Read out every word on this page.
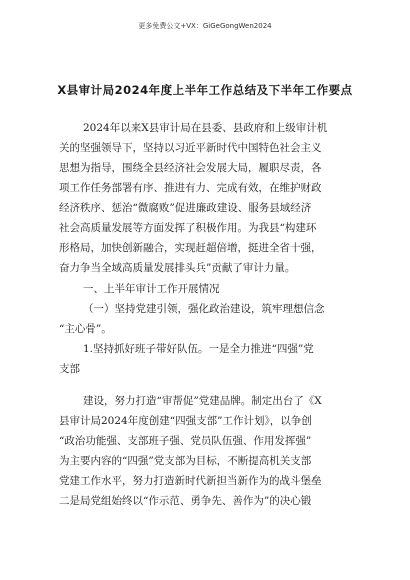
更多免费公文+VX：GiGeGongWen2024
X县审计局2024年度上半年工作总结及下半年工作要点
2024年以来X县审计局在县委、县政府和上级审计机
关的坚强领导下，坚持以习近平新时代中国特色社会主义
思想为指导，围绕全县经济社会发展大局，履职尽责，各
项工作任务部署有序、推进有力、完成有效，在维护财政
经济秩序、惩治“微腐败”促进廉政建设、服务县域经济
社会高质量发展等方面发挥了积极作用。为我县“构建环
形格局，加快创新融合，实现赶超倍增，挺进全省十强，
奋力争当全域高质量发展排头兵”贡献了审计力量。
一、上半年审计工作开展情况
（一）坚持党建引领，强化政治建设，筑牢理想信念
“主心骨”。
1.坚持抓好班子带好队伍。一是全力推进“四强”党
支部
建设，努力打造“审帮促”党建品牌。制定出台了《X
县审计局2024年度创建“四强支部”工作计划》，以争创
“政治功能强、支部班子强、党员队伍强、作用发挥强”
为主要内容的“四强”党支部为目标，不断提高机关支部
党建工作水平，努力打造新时代新担当新作为的战斗堡垒
二是局党组始终以“作示范、勇争先、善作为”的决心锻
